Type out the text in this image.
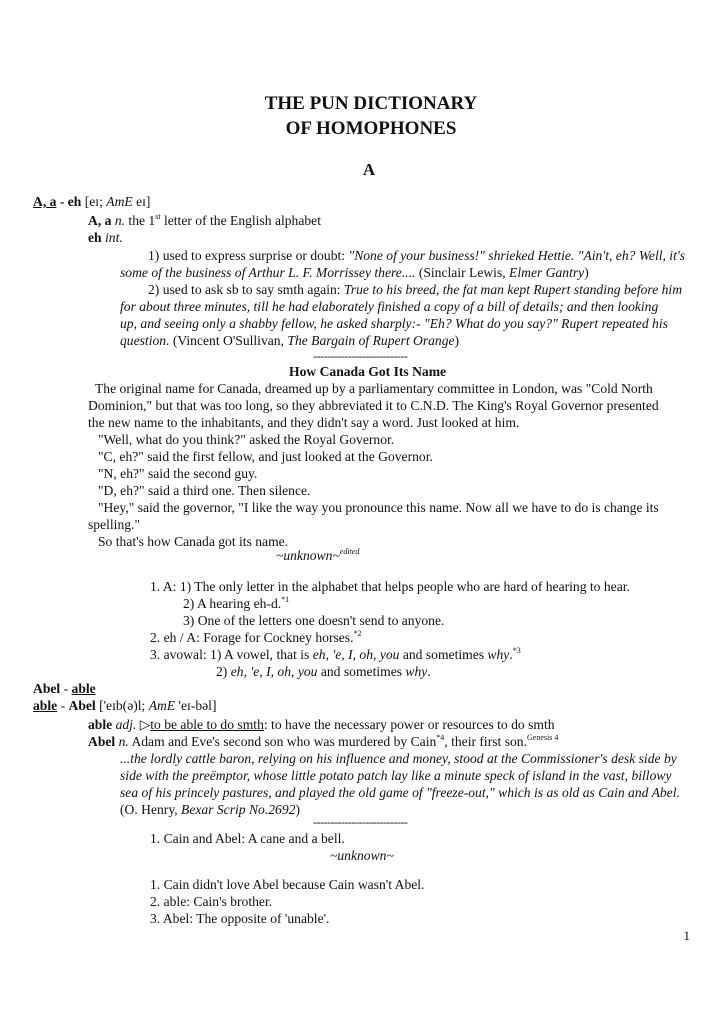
THE PUN DICTIONARY
OF HOMOPHONES
A
A, a - eh [eɪ; AmE eɪ]
A, a n. the 1st letter of the English alphabet
eh int.
1) used to express surprise or doubt: "None of your business!" shrieked Hettie. "Ain't, eh? Well, it's
some of the business of Arthur L. F. Morrissey there.... (Sinclair Lewis, Elmer Gantry)
2) used to ask sb to say smth again: True to his breed, the fat man kept Rupert standing before him
for about three minutes, till he had elaborately finished a copy of a bill of details; and then looking
up, and seeing only a shabby fellow, he asked sharply:- "Eh? What do you say?" Rupert repeated his
question. (Vincent O'Sullivan, The Bargain of Rupert Orange)
---------------------------
How Canada Got Its Name
The original name for Canada, dreamed up by a parliamentary committee in London, was "Cold North
Dominion," but that was too long, so they abbreviated it to C.N.D. The King's Royal Governor presented
the new name to the inhabitants, and they didn't say a word. Just looked at him.
"Well, what do you think?" asked the Royal Governor.
"C, eh?" said the first fellow, and just looked at the Governor.
"N, eh?" said the second guy.
"D, eh?" said a third one. Then silence.
"Hey," said the governor, "I like the way you pronounce this name. Now all we have to do is change its
spelling."
So that's how Canada got its name.
~unknown~$^{edited}$
1. A: 1) The only letter in the alphabet that helps people who are hard of hearing to hear.
2) A hearing eh-d.$^{*1}$
3) One of the letters one doesn't send to anyone.
2. eh / A: Forage for Cockney horses.$^{*2}$
3. avowal: 1) A vowel, that is eh, 'e, I, oh, you and sometimes why.$^{*3}$
2) eh, 'e, I, oh, you and sometimes why.
Abel - able
able - Abel ['eɪb(ə)l; AmE 'eɪ-bəl]
able adj. ▷to be able to do smth: to have the necessary power or resources to do smth
Abel n. Adam and Eve's second son who was murdered by Cain$^{*4}$, their first son.$^{Genesis 4}$
...the lordly cattle baron, relying on his influence and money, stood at the Commissioner's desk side by
side with the preëmptor, whose little potato patch lay like a minute speck of island in the vast, billowy
sea of his princely pastures, and played the old game of "freeze-out," which is as old as Cain and Abel.
(O. Henry, Bexar Scrip No.2692)
---------------------------
1. Cain and Abel: A cane and a bell.
~unknown~
1. Cain didn't love Abel because Cain wasn't Abel.
2. able: Cain's brother.
3. Abel: The opposite of 'unable'.
1
